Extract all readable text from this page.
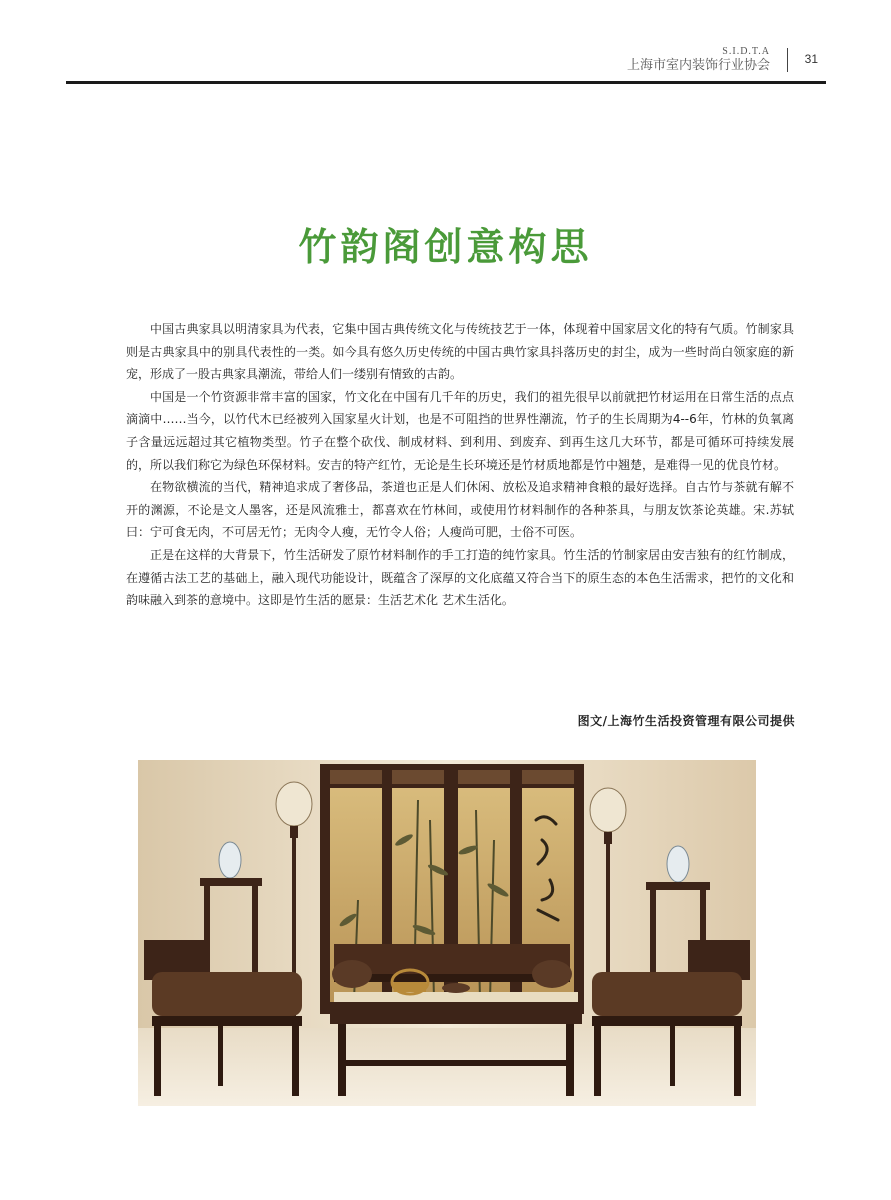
S.I.D.T.A
上海市室内装饰行业协会	31
竹韵阁创意构思

中国古典家具以明清家具为代表，它集中国古典传统文化与传统技艺于一体，体现着中国家居文化的特有气质。竹制家具则是古典家具中的别具代表性的一类。如今具有悠久历史传统的中国古典竹家具抖落历史的封尘，成为一些时尚白领家庭的新宠，形成了一股古典家具潮流，带给人们一缕别有情致的古韵。

中国是一个竹资源非常丰富的国家，竹文化在中国有几千年的历史，我们的祖先很早以前就把竹材运用在日常生活的点点滴滴中……当今，以竹代木已经被列入国家星火计划，也是不可阻挡的世界性潮流，竹子的生长周期为4--6年，竹林的负氧离子含量远远超过其它植物类型。竹子在整个砍伐、制成材料、到利用、到废弃、到再生这几大环节，都是可循环可持续发展的，所以我们称它为绿色环保材料。安吉的特产红竹，无论是生长环境还是竹材质地都是竹中翘楚，是难得一见的优良竹材。

在物欲横流的当代，精神追求成了奢侈品，茶道也正是人们休闲、放松及追求精神食粮的最好选择。自古竹与茶就有解不开的渊源，不论是文人墨客，还是风流雅士，都喜欢在竹林间，或使用竹材料制作的各种茶具，与朋友饮茶论英雄。宋.苏轼曰：宁可食无肉，不可居无竹；无肉令人瘦，无竹令人俗；人瘦尚可肥，士俗不可医。

正是在这样的大背景下，竹生活研发了原竹材料制作的手工打造的纯竹家具。竹生活的竹制家居由安吉独有的红竹制成，在遵循古法工艺的基础上，融入现代功能设计，既蕴含了深厚的文化底蕴又符合当下的原生态的本色生活需求，把竹的文化和韵味融入到茶的意境中。这即是竹生活的愿景：生活艺术化 艺术生活化。

图文/上海竹生活投资管理有限公司提供
